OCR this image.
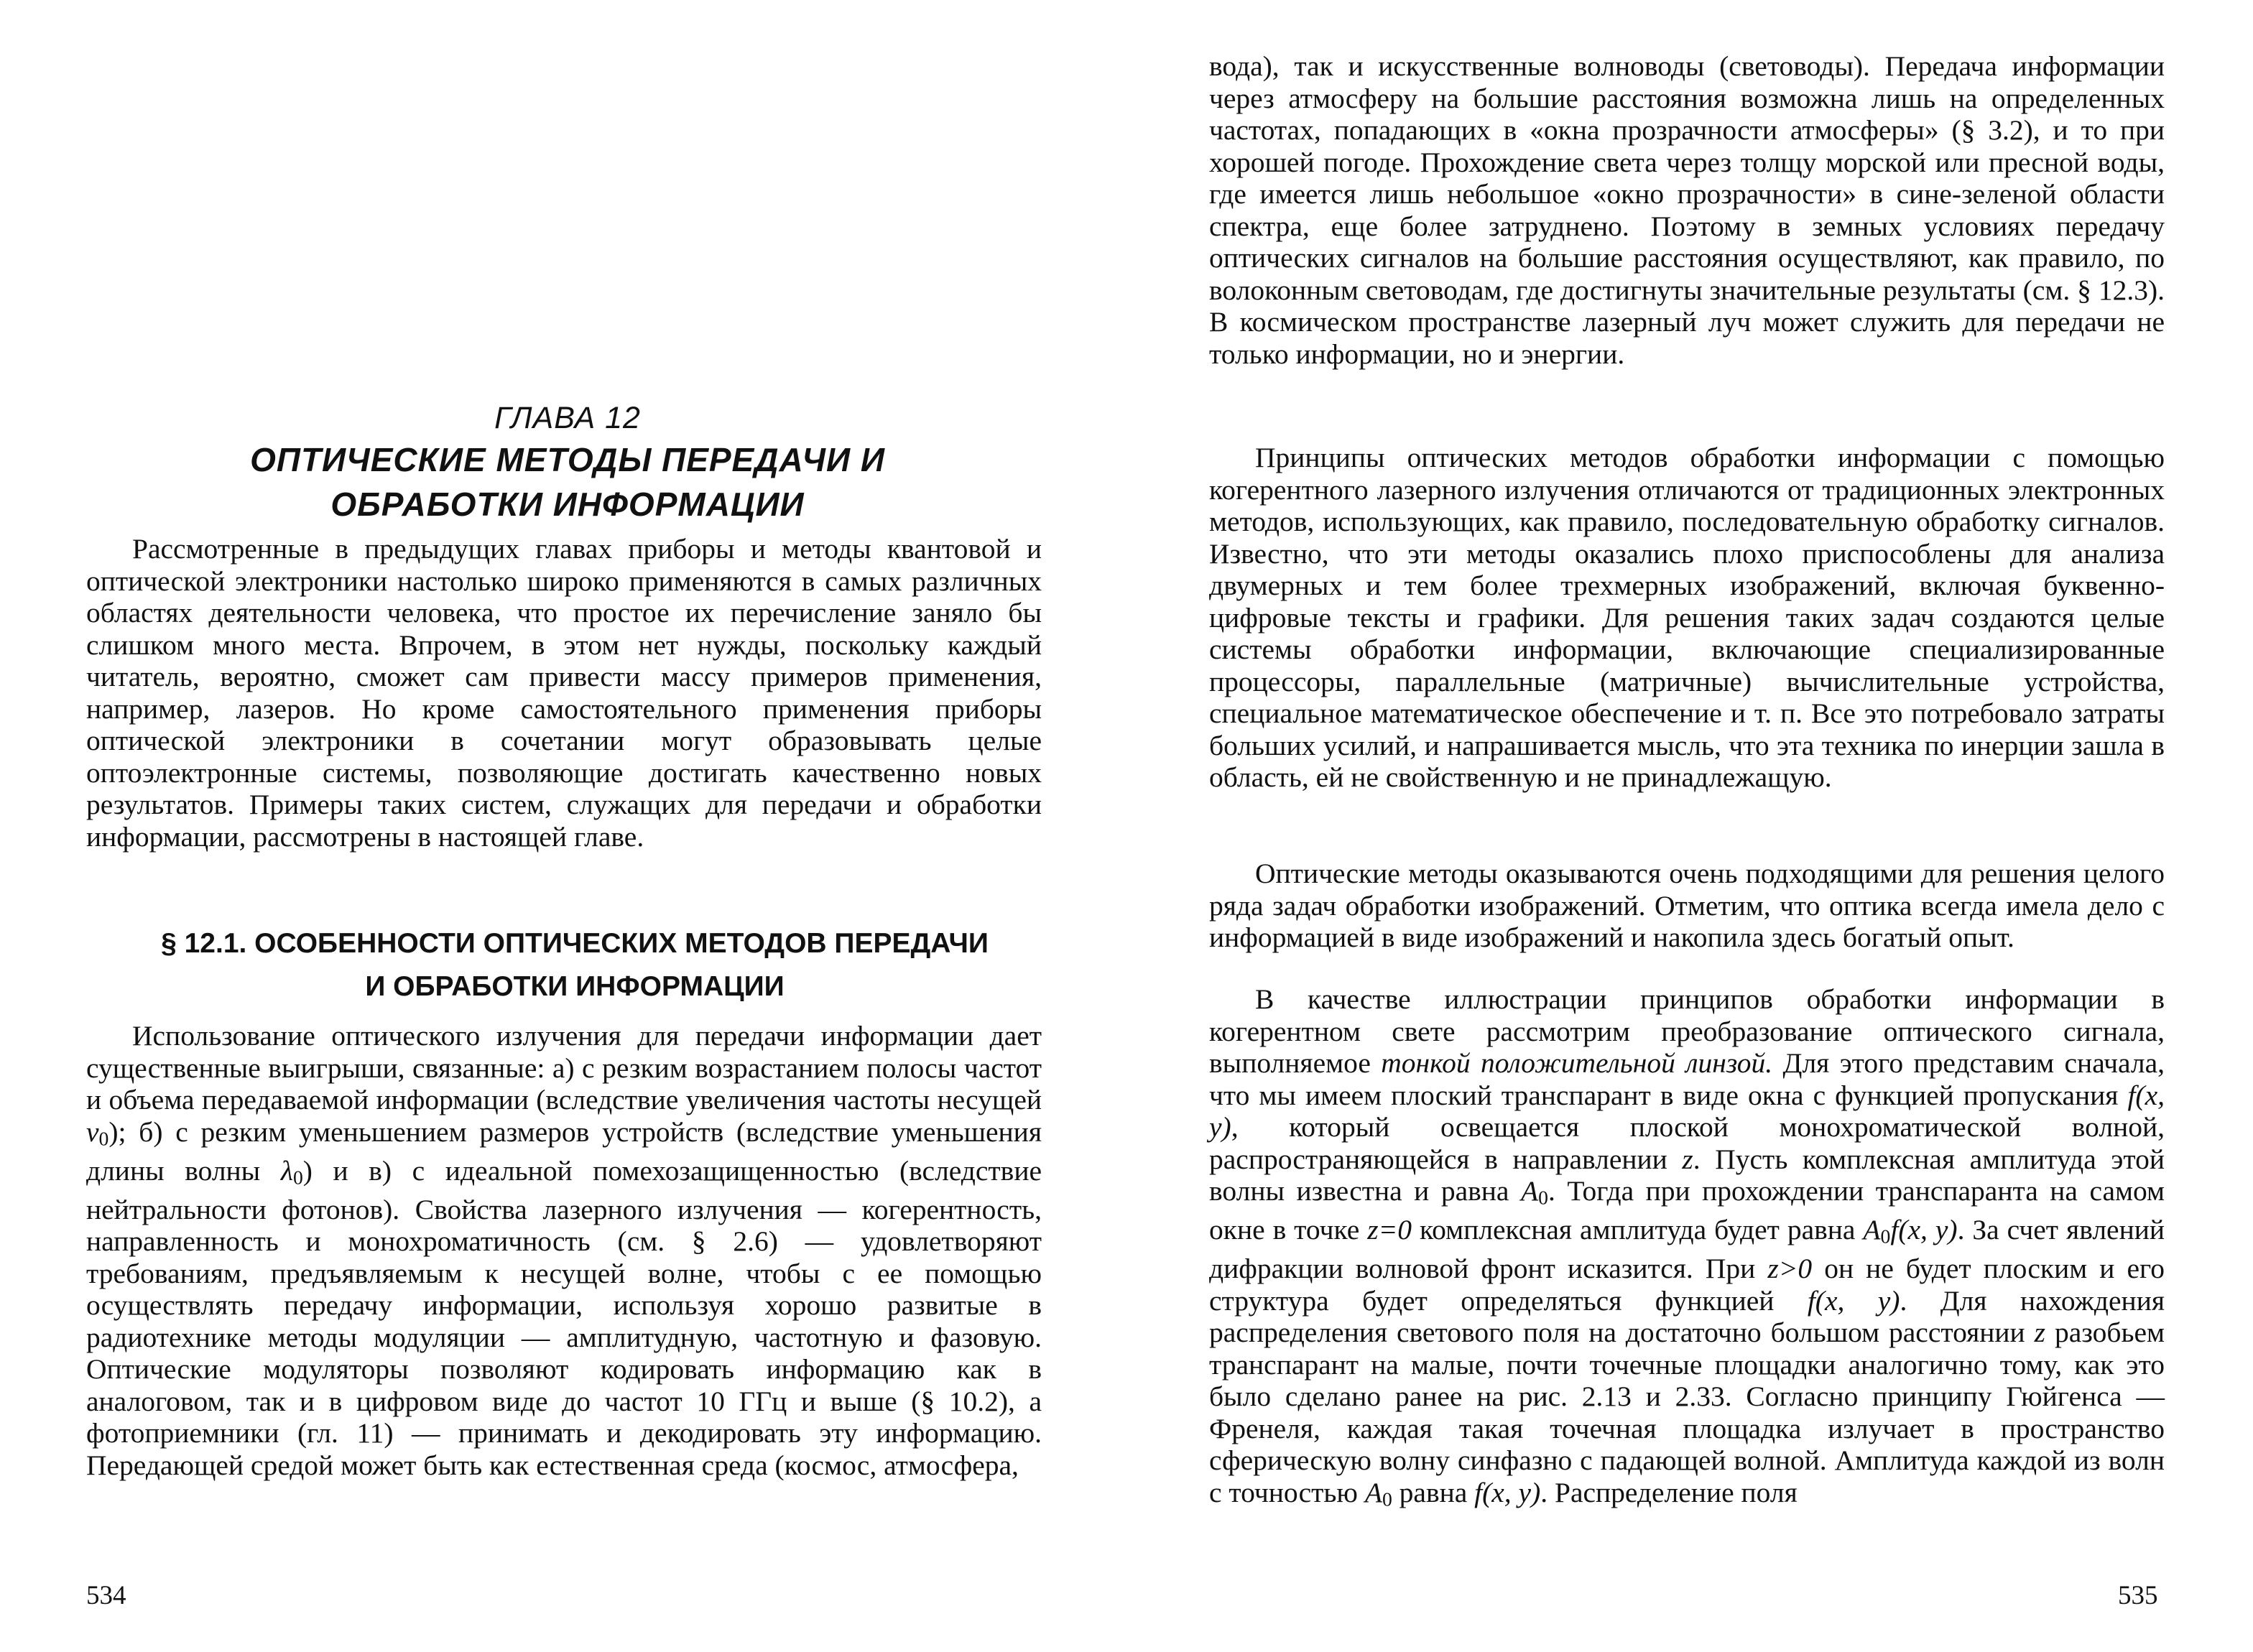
ГЛАВА 12
ОПТИЧЕСКИЕ МЕТОДЫ ПЕРЕДАЧИ И
ОБРАБОТКИ ИНФОРМАЦИИ

Рассмотренные в предыдущих главах приборы и методы квантовой и оптической электроники настолько широко применяются в самых различных областях деятельности человека, что простое их перечисление заняло бы слишком много места. Впрочем, в этом нет нужды, поскольку каждый читатель, вероятно, сможет сам привести массу примеров применения, например, лазеров. Но кроме самостоятельного применения приборы оптической электроники в сочетании могут образовывать целые оптоэлектронные системы, позволяющие достигать качественно новых результатов. Примеры таких систем, служащих для передачи и обработки информации, рассмотрены в настоящей главе.

§ 12.1. ОСОБЕННОСТИ ОПТИЧЕСКИХ МЕТОДОВ ПЕРЕДАЧИ
И ОБРАБОТКИ ИНФОРМАЦИИ

Использование оптического излучения для передачи информации дает существенные выигрыши, связанные: а) с резким возрастанием полосы частот и объема передаваемой информации (вследствие увеличения частоты несущей $\nu_0$); б) с резким уменьшением размеров устройств (вследствие уменьшения длины волны $\lambda_0$) и в) с идеальной помехозащищенностью (вследствие нейтральности фотонов). Свойства лазерного излучения — когерентность, направленность и монохроматичность (см. § 2.6) — удовлетворяют требованиям, предъявляемым к несущей волне, чтобы с ее помощью осуществлять передачу информации, используя хорошо развитые в радиотехнике методы модуляции — амплитудную, частотную и фазовую. Оптические модуляторы позволяют кодировать информацию как в аналоговом, так и в цифровом виде до частот 10 ГГц и выше (§ 10.2), а фотоприемники (гл. 11) — принимать и декодировать эту информацию. Передающей средой может быть как естественная среда (космос, атмосфера,

534

вода), так и искусственные волноводы (световоды). Передача информации через атмосферу на большие расстояния возможна лишь на определенных частотах, попадающих в «окна прозрачности атмосферы» (§ 3.2), и то при хорошей погоде. Прохождение света через толщу морской или пресной воды, где имеется лишь небольшое «окно прозрачности» в сине-зеленой области спектра, еще более затруднено. Поэтому в земных условиях передачу оптических сигналов на большие расстояния осуществляют, как правило, по волоконным световодам, где достигнуты значительные результаты (см. § 12.3). В космическом пространстве лазерный луч может служить для передачи не только информации, но и энергии.

Принципы оптических методов обработки информации с помощью когерентного лазерного излучения отличаются от традиционных электронных методов, использующих, как правило, последовательную обработку сигналов. Известно, что эти методы оказались плохо приспособлены для анализа двумерных и тем более трехмерных изображений, включая буквенно-цифровые тексты и графики. Для решения таких задач создаются целые системы обработки информации, включающие специализированные процессоры, параллельные (матричные) вычислительные устройства, специальное математическое обеспечение и т. п. Все это потребовало затраты больших усилий, и напрашивается мысль, что эта техника по инерции зашла в область, ей не свойственную и не принадлежащую.

Оптические методы оказываются очень подходящими для решения целого ряда задач обработки изображений. Отметим, что оптика всегда имела дело с информацией в виде изображений и накопила здесь богатый опыт.

В качестве иллюстрации принципов обработки информации в когерентном свете рассмотрим преобразование оптического сигнала, выполняемое тонкой положительной линзой. Для этого представим сначала, что мы имеем плоский транспарант в виде окна с функцией пропускания f(x, y), который освещается плоской монохроматической волной, распространяющейся в направлении z. Пусть комплексная амплитуда этой волны известна и равна $A_0$. Тогда при прохождении транспаранта на самом окне в точке z=0 комплексная амплитуда будет равна $A_0f(x$, y). За счет явлений дифракции волновой фронт исказится. При z>0 он не будет плоским и его структура будет определяться функцией f(x, y). Для нахождения распределения светового поля на достаточно большом расстоянии z разобьем транспарант на малые, почти точечные площадки аналогично тому, как это было сделано ранее на рис. 2.13 и 2.33. Согласно принципу Гюйгенса — Френеля, каждая такая точечная площадка излучает в пространство сферическую волну синфазно с падающей волной. Амплитуда каждой из волн с точностью $A_0$ равна f(x, y). Распределение поля

535
